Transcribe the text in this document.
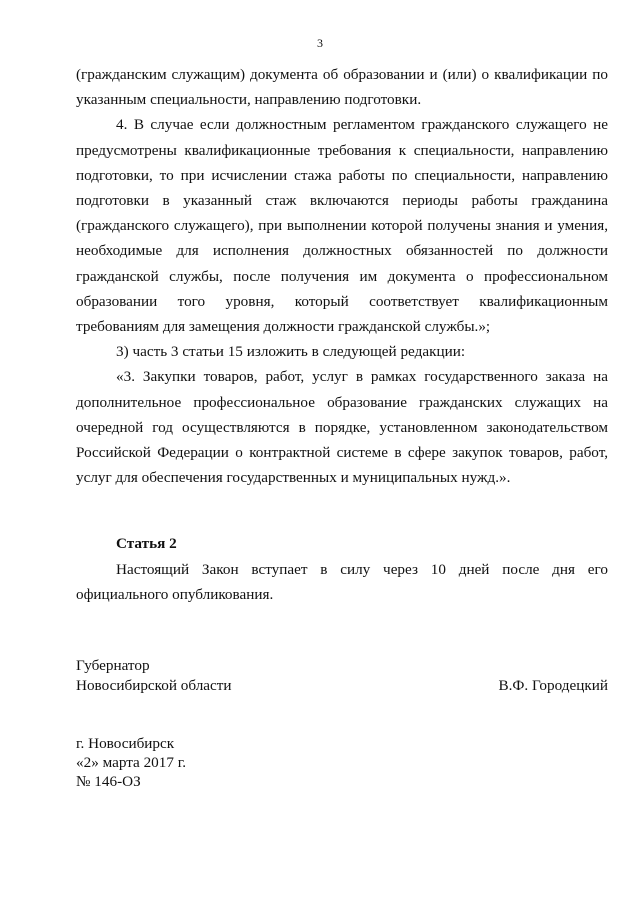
3

(гражданским служащим) документа об образовании и (или) о квалификации по указанным специальности, направлению подготовки.

4. В случае если должностным регламентом гражданского служащего не предусмотрены квалификационные требования к специальности, направлению подготовки, то при исчислении стажа работы по специальности, направлению подготовки в указанный стаж включаются периоды работы гражданина (гражданского служащего), при выполнении которой получены знания и умения, необходимые для исполнения должностных обязанностей по должности гражданской службы, после получения им документа о профессиональном образовании того уровня, который соответствует квалификационным требованиям для замещения должности гражданской службы.»;

3) часть 3 статьи 15 изложить в следующей редакции:

«3. Закупки товаров, работ, услуг в рамках государственного заказа на дополнительное профессиональное образование гражданских служащих на очередной год осуществляются в порядке, установленном законодательством Российской Федерации о контрактной системе в сфере закупок товаров, работ, услуг для обеспечения государственных и муниципальных нужд.».

Статья 2

Настоящий Закон вступает в силу через 10 дней после дня его официального опубликования.

Губернатор
Новосибирской области	В.Ф. Городецкий
г. Новосибирск
«2» марта 2017 г.
№ 146-ОЗ
